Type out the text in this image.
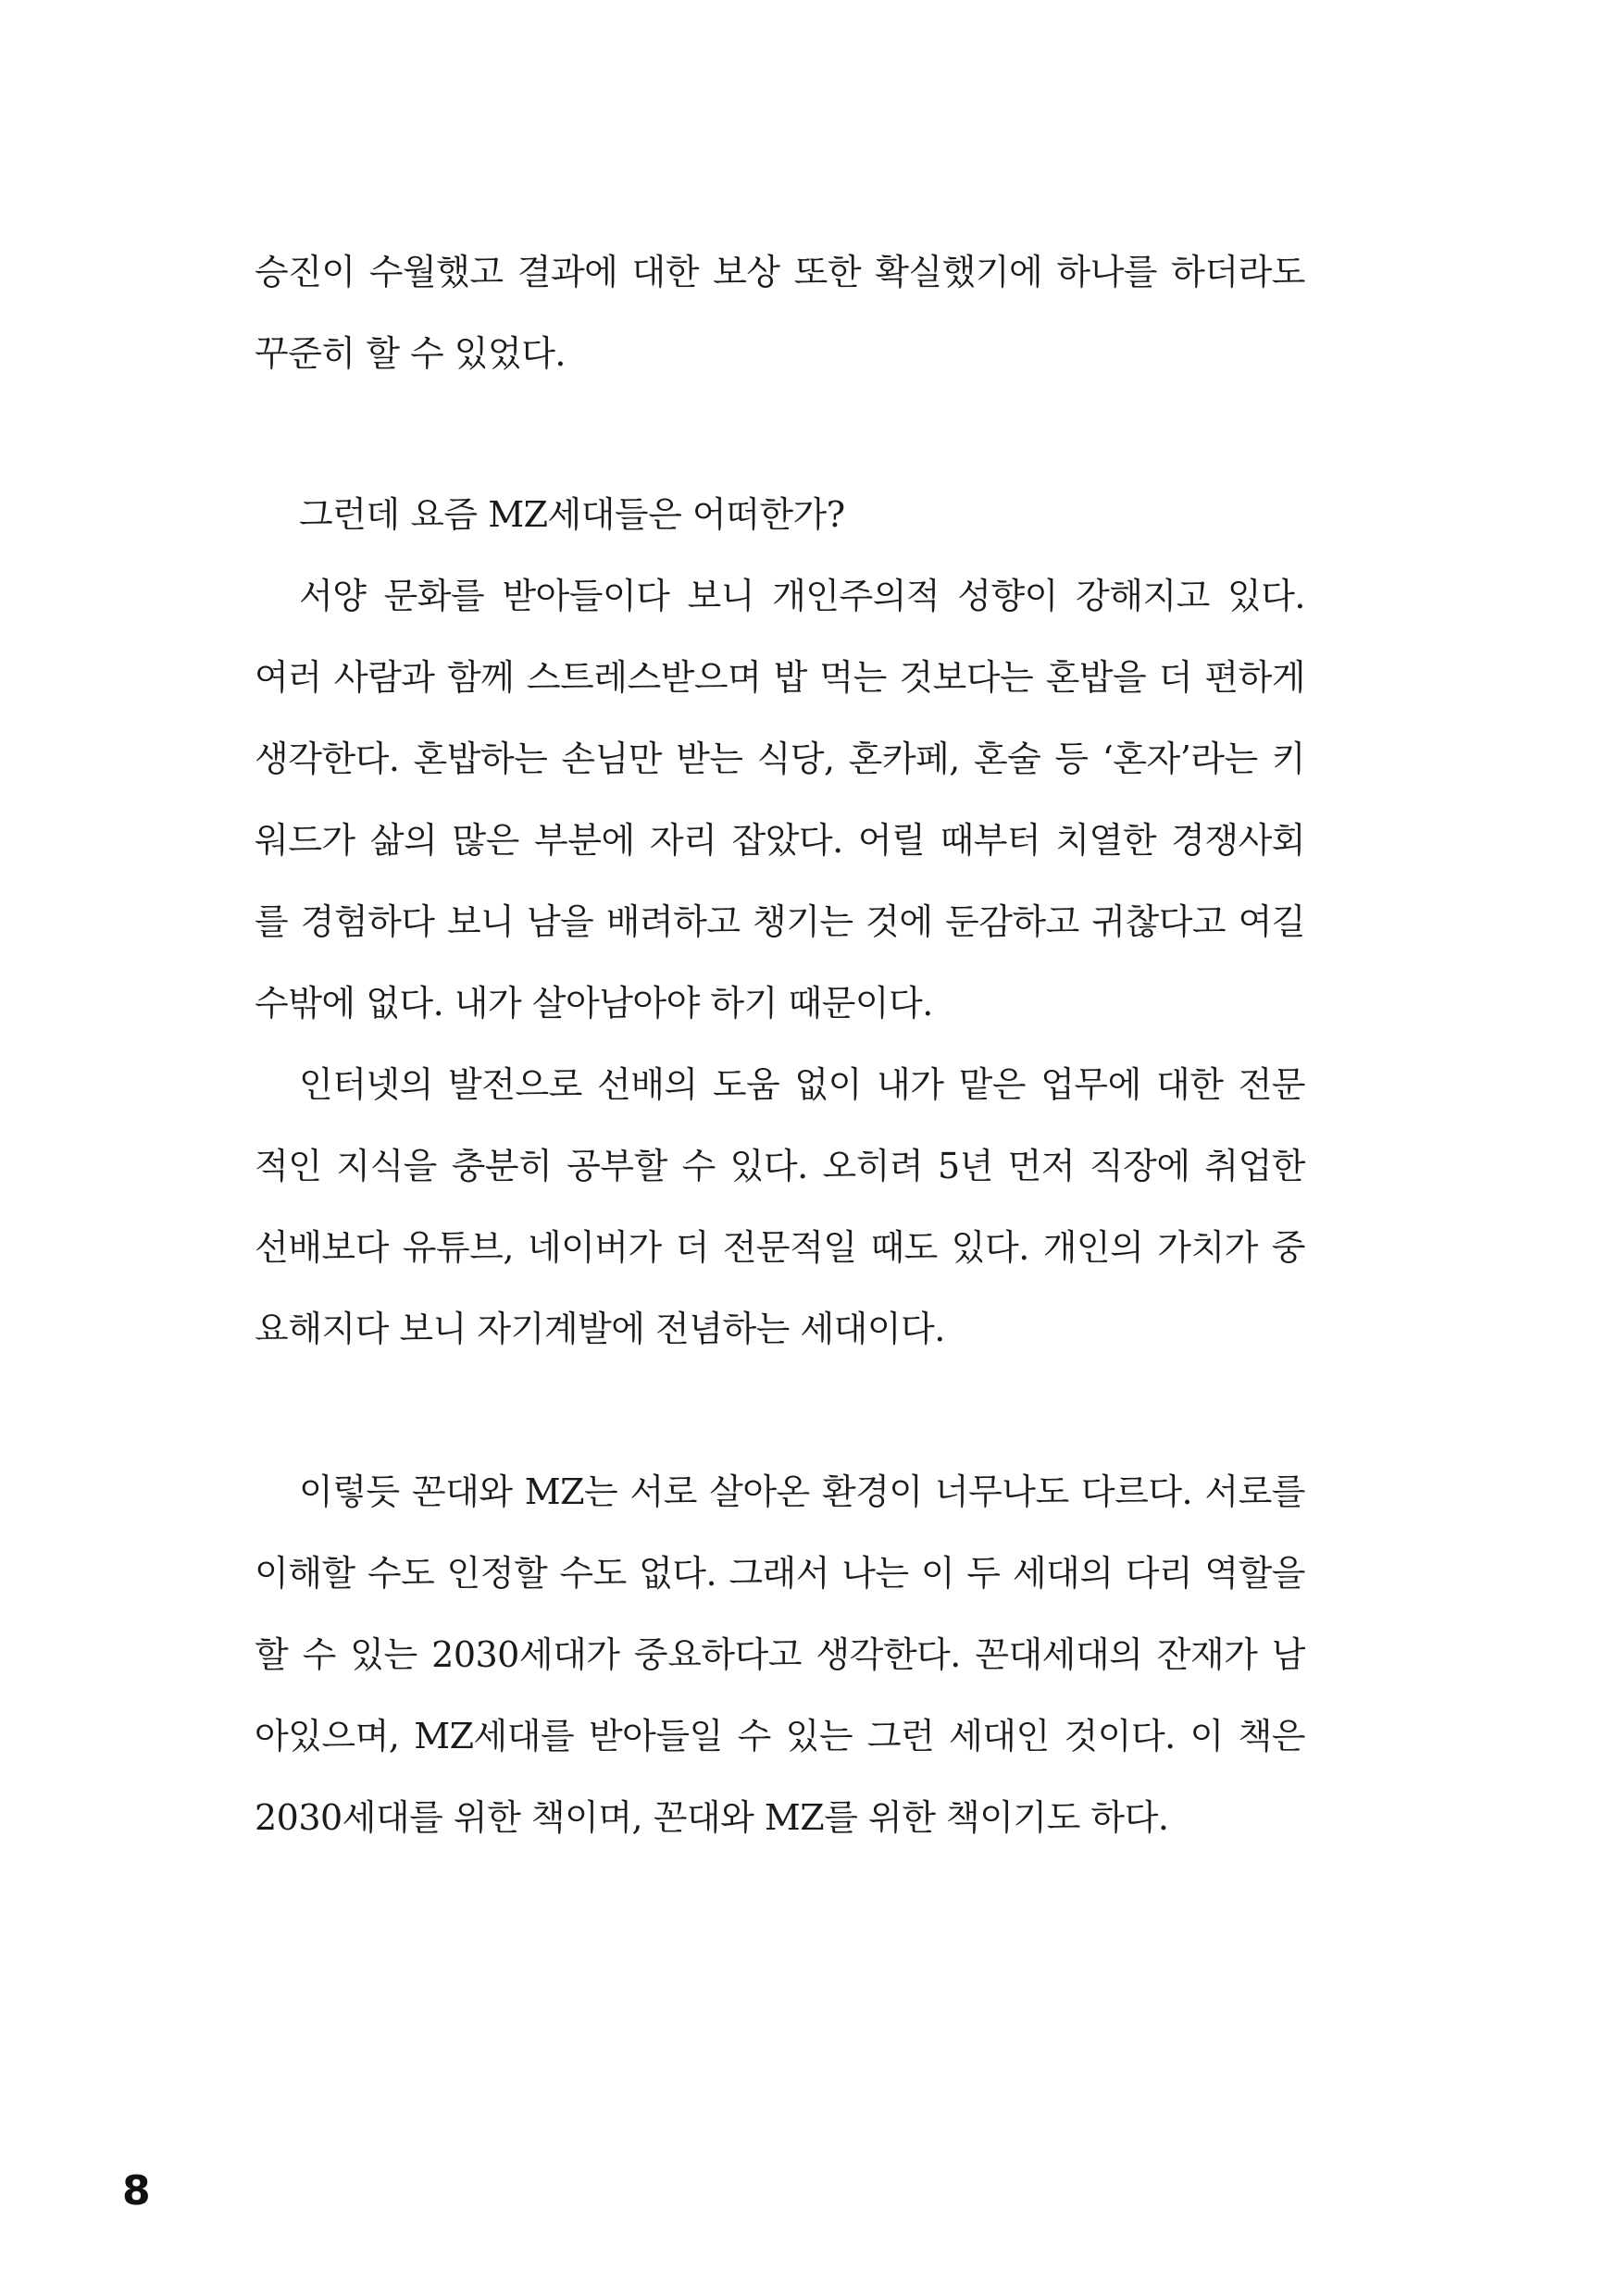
승진이 수월했고 결과에 대한 보상 또한 확실했기에 하나를 하더라도
꾸준히 할 수 있었다.
그런데 요즘 MZ세대들은 어떠한가?
서양 문화를 받아들이다 보니 개인주의적 성향이 강해지고 있다.
여러 사람과 함께 스트레스받으며 밥 먹는 것보다는 혼밥을 더 편하게
생각한다. 혼밥하는 손님만 받는 식당, 혼카페, 혼술 등 ‘혼자’라는 키
워드가 삶의 많은 부분에 자리 잡았다. 어릴 때부터 치열한 경쟁사회
를 경험하다 보니 남을 배려하고 챙기는 것에 둔감하고 귀찮다고 여길
수밖에 없다. 내가 살아남아야 하기 때문이다.
인터넷의 발전으로 선배의 도움 없이 내가 맡은 업무에 대한 전문
적인 지식을 충분히 공부할 수 있다. 오히려 5년 먼저 직장에 취업한
선배보다 유튜브, 네이버가 더 전문적일 때도 있다. 개인의 가치가 중
요해지다 보니 자기계발에 전념하는 세대이다.
이렇듯 꼰대와 MZ는 서로 살아온 환경이 너무나도 다르다. 서로를
이해할 수도 인정할 수도 없다. 그래서 나는 이 두 세대의 다리 역할을
할 수 있는 2030세대가 중요하다고 생각한다. 꼰대세대의 잔재가 남
아있으며, MZ세대를 받아들일 수 있는 그런 세대인 것이다. 이 책은
2030세대를 위한 책이며, 꼰대와 MZ를 위한 책이기도 하다.
8
